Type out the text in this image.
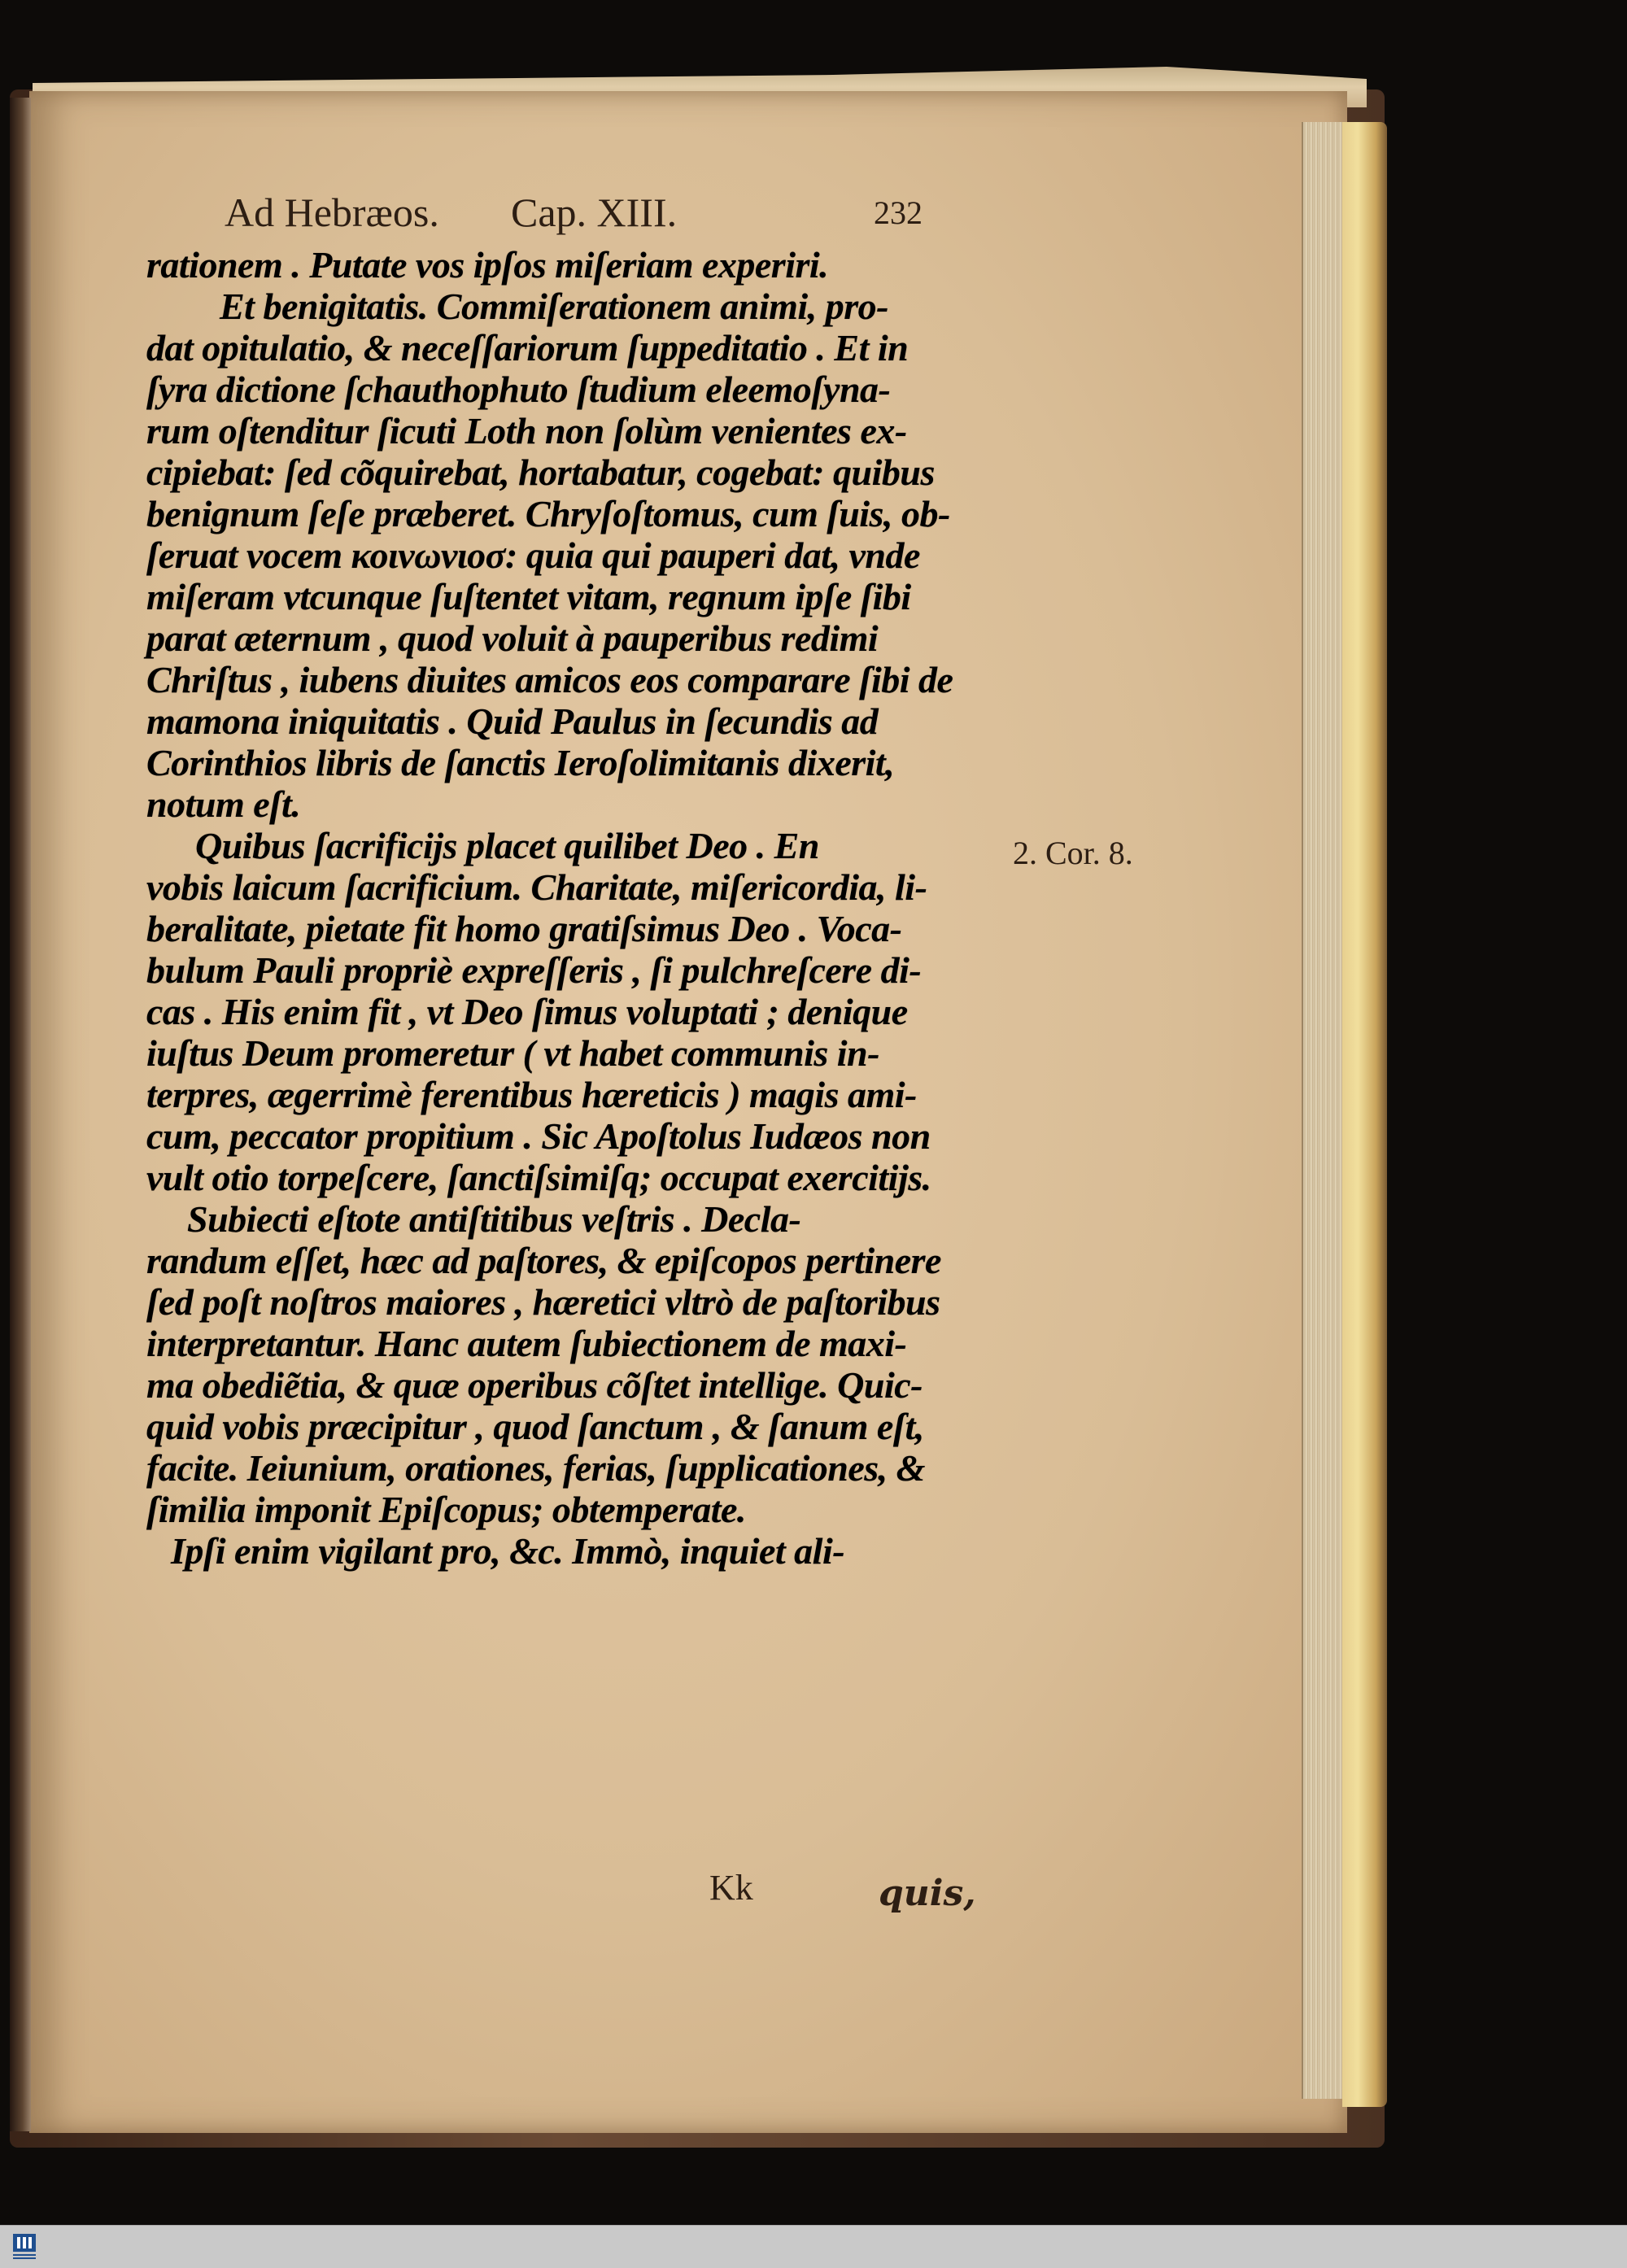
Ad Hebræos. Cap. XIII.	232
rationem . Putate vos ipſos miſeriam experiri.
Et benigitatis. Commiſerationem animi, pro-
dat opitulatio, & neceſſariorum ſuppeditatio . Et in
ſyra dictione ſchauthophuto ſtudium eleemoſyna-
rum oſtenditur ſicuti Loth non ſolùm venientes ex-
cipiebat: ſed cõquirebat, hortabatur, cogebat: quibus
benignum ſeſe præberet. Chryſoſtomus, cum ſuis, ob-
ſeruat vocem κοινωνιοσ: quia qui pauperi dat, vnde
miſeram vtcunque ſuſtentet vitam, regnum ipſe ſibi
parat æternum , quod voluit à pauperibus redimi
Chriſtus , iubens diuites amicos eos comparare ſibi de
mamona iniquitatis . Quid Paulus in ſecundis ad
Corinthios libris de ſanctis Ieroſolimitanis dixerit,
notum eſt.
Quibus ſacrificijs placet quilibet Deo . En
vobis laicum ſacrificium. Charitate, miſericordia, li-
beralitate, pietate fit homo gratiſsimus Deo . Voca-
bulum Pauli propriè expreſſeris , ſi pulchreſcere di-
cas . His enim fit , vt Deo ſimus voluptati ; denique
iuſtus Deum promeretur ( vt habet communis in-
terpres, ægerrimè ferentibus hæreticis ) magis ami-
cum, peccator propitium . Sic Apoſtolus Iudæos non
vult otio torpeſcere, ſanctiſsimiſq; occupat exercitijs.
Subiecti eſtote antiſtitibus veſtris . Decla-
randum eſſet, hæc ad paſtores, & epiſcopos pertinere
ſed poſt noſtros maiores , hæretici vltrò de paſtoribus
interpretantur. Hanc autem ſubiectionem de maxi-
ma obediẽtia, & quæ operibus cõſtet intellige. Quic-
quid vobis præcipitur , quod ſanctum , & ſanum eſt,
facite. Ieiunium, orationes, ferias, ſupplicationes, &
ſimilia imponit Epiſcopus; obtemperate.
Ipſi enim vigilant pro, &c. Immò, inquiet ali-
2. Cor. 8.
Kk	quis,
